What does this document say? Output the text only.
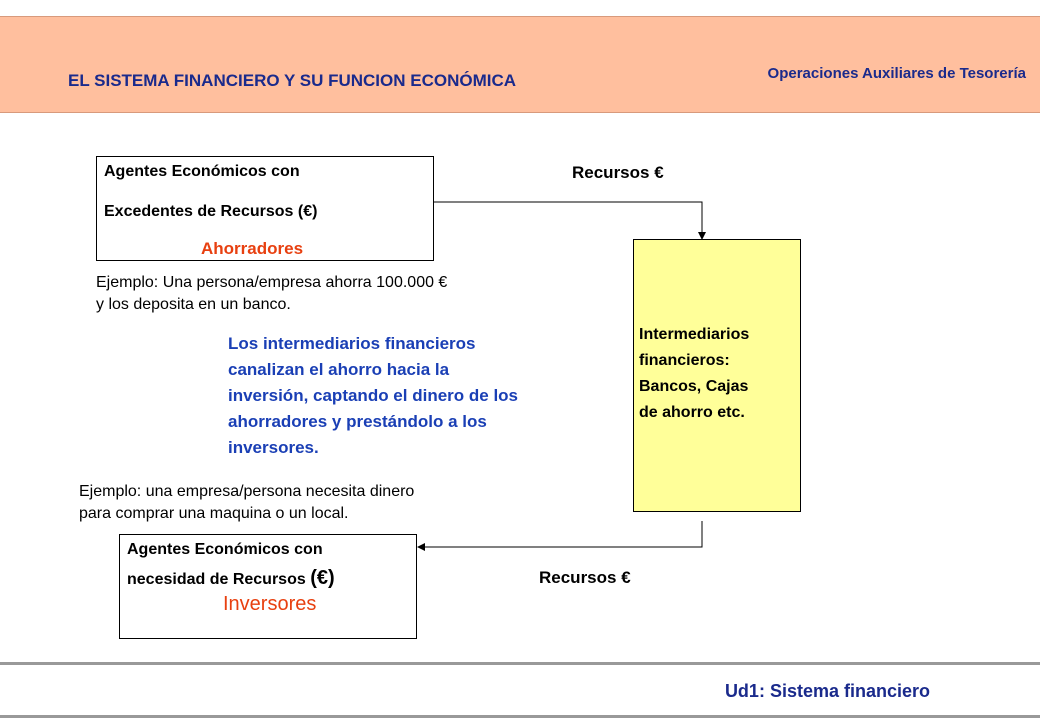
EL SISTEMA FINANCIERO Y SU FUNCION ECONÓMICA	Operaciones Auxiliares de Tesorería
Agentes Económicos con
Excedentes de Recursos (€)
Ahorradores
Recursos €
Intermediarios
financieros:
Bancos, Cajas
de ahorro etc.
Ejemplo: Una persona/empresa ahorra 100.000 €
y los deposita en un banco.
Los intermediarios financieros
canalizan el ahorro hacia la
inversión, captando el dinero de los
ahorradores y prestándolo a los
inversores.
Ejemplo: una empresa/persona necesita dinero
para comprar una maquina o un local.
Agentes Económicos con
necesidad de Recursos (€)
Inversores
Recursos €
Ud1: Sistema financiero
